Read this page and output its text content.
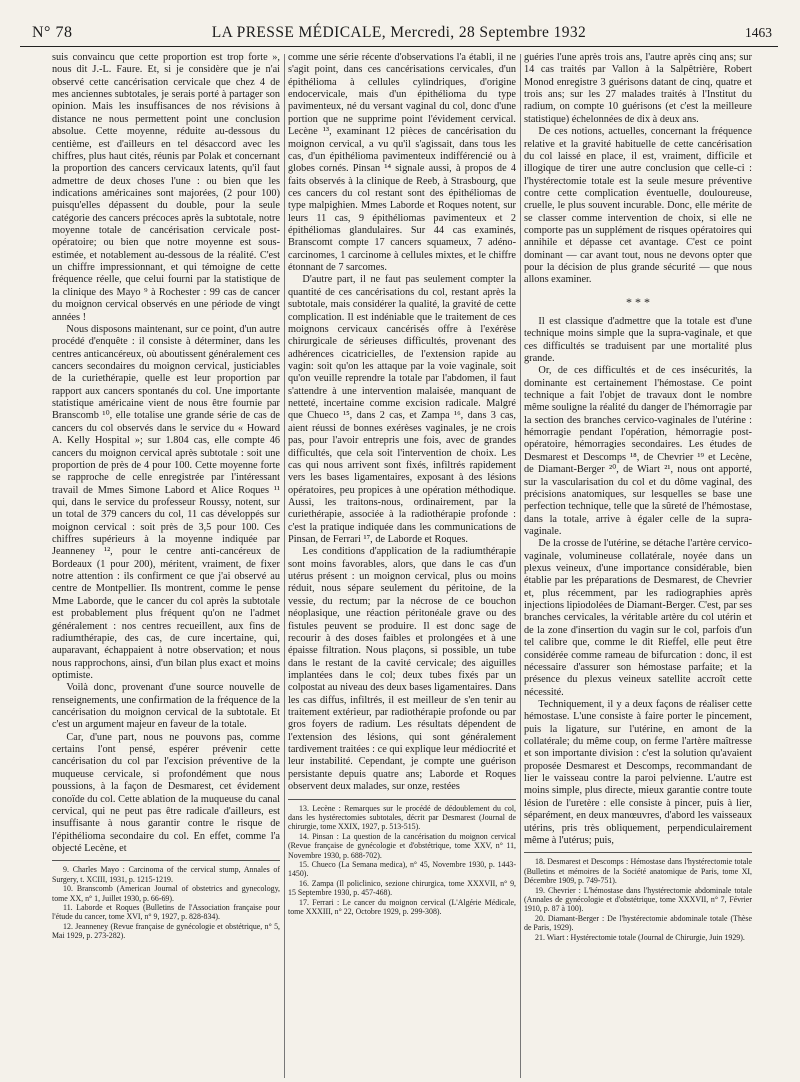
N° 78	LA PRESSE MÉDICALE, Mercredi, 28 Septembre 1932	1463

suis convaincu que cette proportion est trop forte », nous dit J.-L. Faure. Et, si je considère que je n'ai observé cette cancérisation cervicale que chez 4 de mes anciennes subtotales, je serais porté à partager son opinion. Mais les insuffisances de nos révisions à distance ne nous permettent point une conclusion absolue. Cette moyenne, réduite au-dessous du centième, est d'ailleurs en tel désaccord avec les chiffres, plus haut cités, réunis par Polak et concernant la proportion des cancers cervicaux latents, qu'il faut admettre de deux choses l'une : ou bien que les indications américaines sont majorées, (2 pour 100) puisqu'elles dépassent du double, pour la seule catégorie des cancers précoces après la subtotale, notre moyenne totale de cancérisation cervicale post-opératoire; ou bien que notre moyenne est sous-estimée, et notablement au-dessous de la réalité. C'est un chiffre impressionnant, et qui témoigne de cette fréquence réelle, que celui fourni par la statistique de la clinique des Mayo ⁹ à Rochester : 99 cas de cancer du moignon cervical observés en une période de vingt années !

Nous disposons maintenant, sur ce point, d'un autre procédé d'enquête : il consiste à déterminer, dans les centres anticancéreux, où aboutissent généralement ces cancers secondaires du moignon cervical, justiciables de la curiethérapie, quelle est leur proportion par rapport aux cancers spontanés du col. Une importante statistique américaine vient de nous être fournie par Branscomb ¹⁰, elle totalise une grande série de cas de cancers du col observés dans le service du « Howard A. Kelly Hospital »; sur 1.804 cas, elle compte 46 cancers du moignon cervical après subtotale : soit une proportion de près de 4 pour 100. Cette moyenne forte se rapproche de celle enregistrée par l'intéressant travail de Mmes Simone Labord et Alice Roques ¹¹ qui, dans le service du professeur Roussy, notent, sur un total de 379 cancers du col, 11 cas développés sur moignon cervical : soit près de 3,5 pour 100. Ces chiffres supérieurs à la moyenne indiquée par Jeanneney ¹², pour le centre anti-cancéreux de Bordeaux (1 pour 200), méritent, vraiment, de fixer notre attention : ils confirment ce que j'ai observé au centre de Montpellier. Ils montrent, comme le pense Mme Laborde, que le cancer du col après la subtotale est probablement plus fréquent qu'on ne l'admet généralement : nos centres recueillent, aux fins de radiumthérapie, des cas, de cure incertaine, qui, auparavant, échappaient à notre observation; et nous nous rapprochons, ainsi, d'un bilan plus exact et moins optimiste.

Voilà donc, provenant d'une source nouvelle de renseignements, une confirmation de la fréquence de la cancérisation du moignon cervical de la subtotale. Et c'est un argument majeur en faveur de la totale.

Car, d'une part, nous ne pouvons pas, comme certains l'ont pensé, espérer prévenir cette cancérisation du col par l'excision préventive de la muqueuse cervicale, si profondément que nous poussions, à la façon de Desmarest, cet évidement conoïde du col. Cette ablation de la muqueuse du canal cervical, qui ne peut pas être radicale d'ailleurs, est insuffisante à nous garantir contre le risque de l'épithélioma secondaire du col. En effet, comme l'a objecté Lecène, et

9. Charles Mayo : Carcinoma of the cervical stump, Annales of Surgery, t. XCIII, 1931, p. 1215-1219.

10. Branscomb (American Journal of obstetrics and gynecology, tome XX, n° 1, Juillet 1930, p. 66-69).

11. Laborde et Roques (Bulletins de l'Association française pour l'étude du cancer, tome XVI, n° 9, 1927, p. 828-834).

12. Jeanneney (Revue française de gynécologie et obstétrique, n° 5, Mai 1929, p. 273-282).

comme une série récente d'observations l'a établi, il ne s'agit point, dans ces cancérisations cervicales, d'un épithélioma à cellules cylindriques, d'origine endocervicale, mais d'un épithélioma du type pavimenteux, né du versant vaginal du col, donc d'une portion que ne supprime point l'évidement cervical. Lecène ¹³, examinant 12 pièces de cancérisation du moignon cervical, a vu qu'il s'agissait, dans tous les cas, d'un épithélioma pavimenteux indifférencié ou à globes cornés. Pinsan ¹⁴ signale aussi, à propos de 4 faits observés à la clinique de Reeb, à Strasbourg, que ces cancers du col restant sont des épithéliomas de type malpighien. Mmes Laborde et Roques notent, sur leurs 11 cas, 9 épithéliomas pavimenteux et 2 épithéliomas glandulaires. Sur 44 cas examinés, Branscomt compte 17 cancers squameux, 7 adéno-carcinomes, 1 carcinome à cellules mixtes, et le chiffre étonnant de 7 sarcomes.

D'autre part, il ne faut pas seulement compter la quantité de ces cancérisations du col, restant après la subtotale, mais considérer la qualité, la gravité de cette complication. Il est indéniable que le traitement de ces moignons cervicaux cancérisés offre à l'exérèse chirurgicale de sérieuses difficultés, provenant des adhérences cicatricielles, de l'extension rapide au vagin: soit qu'on les attaque par la voie vaginale, soit qu'on veuille reprendre la totale par l'abdomen, il faut s'attendre à une intervention malaisée, manquant de netteté, incertaine comme excision radicale. Malgré que Chueco ¹⁵, dans 2 cas, et Zampa ¹⁶, dans 3 cas, aient réussi de bonnes exérèses vaginales, je ne crois pas, pour l'avoir entrepris une fois, avec de grandes difficultés, que cela soit l'intervention de choix. Les cas qui nous arrivent sont fixés, infiltrés rapidement vers les bases ligamentaires, exposant à des lésions opératoires, peu propices à une opération méthodique. Aussi, les traitons-nous, ordinairement, par la curiethérapie, associée à la radiothérapie profonde : c'est la pratique indiquée dans les communications de Pinsan, de Ferrari ¹⁷, de Laborde et Roques.

Les conditions d'application de la radiumthérapie sont moins favorables, alors, que dans le cas d'un utérus présent : un moignon cervical, plus ou moins réduit, nous sépare seulement du péritoine, de la vessie, du rectum; par la nécrose de ce bouchon néoplasique, une réaction péritonéale grave ou des fistules peuvent se produire. Il est donc sage de recourir à des doses faibles et prolongées et à une épaisse filtration. Nous plaçons, si possible, un tube dans le restant de la cavité cervicale; des aiguilles implantées dans le col; deux tubes fixés par un colpostat au niveau des deux bases ligamentaires. Dans les cas diffus, infiltrés, il est meilleur de s'en tenir au traitement extérieur, par radiothérapie profonde ou par gros foyers de radium. Les résultats dépendent de l'extension des lésions, qui sont généralement tardivement traitées : ce qui explique leur médiocrité et leur instabilité. Cependant, je compte une guérison persistante depuis quatre ans; Laborde et Roques observent deux malades, sur onze, restées

13. Lecène : Remarques sur le procédé de dédoublement du col, dans les hystérectomies subtotales, décrit par Desmarest (Journal de chirurgie, tome XXIX, 1927, p. 513-515).

14. Pinsan : La question de la cancérisation du moignon cervical (Revue française de gynécologie et d'obstétrique, tome XXV, n° 11, Novembre 1930, p. 688-702).

15. Chueco (La Semana medica), n° 45, Novembre 1930, p. 1443-1450).

16. Zampa (Il policlinico, sezione chirurgica, tome XXXVII, n° 9, 15 Septembre 1930, p. 457-468).

17. Ferrari : Le cancer du moignon cervical (L'Algérie Médicale, tome XXXIII, n° 22, Octobre 1929, p. 299-308).

guéries l'une après trois ans, l'autre après cinq ans; sur 14 cas traités par Vallon à la Salpêtrière, Robert Monod enregistre 3 guérisons datant de cinq, quatre et trois ans; sur les 27 malades traités à l'Institut du radium, on compte 10 guérisons (et c'est la meilleure statistique) échelonnées de dix à deux ans.

De ces notions, actuelles, concernant la fréquence relative et la gravité habituelle de cette cancérisation du col laissé en place, il est, vraiment, difficile et illogique de tirer une autre conclusion que celle-ci : l'hystérectomie totale est la seule mesure préventive contre cette complication éventuelle, douloureuse, cruelle, le plus souvent incurable. Donc, elle mérite de se classer comme intervention de choix, si elle ne comporte pas un supplément de risques opératoires qui annihile et dépasse cet avantage. C'est ce point dominant — car avant tout, nous ne devons opter que pour la décision de plus grande sécurité — que nous allons examiner.

* * *

Il est classique d'admettre que la totale est d'une technique moins simple que la supra-vaginale, et que ces difficultés se traduisent par une mortalité plus grande.

Or, de ces difficultés et de ces insécurités, la dominante est certainement l'hémostase. Ce point technique a fait l'objet de travaux dont le nombre même souligne la réalité du danger de l'hémorragie par la section des branches cervico-vaginales de l'utérine : hémorragie pendant l'opération, hémorragie post-opératoire, hémorragies secondaires. Les études de Desmarest et Descomps ¹⁸, de Chevrier ¹⁹ et Lecène, de Diamant-Berger ²⁰, de Wiart ²¹, nous ont apporté, sur la vascularisation du col et du dôme vaginal, des précisions anatomiques, sur lesquelles se base une perfection technique, telle que la sûreté de l'hémostase, dans la totale, arrive à égaler celle de la supra-vaginale.

De la crosse de l'utérine, se détache l'artère cervico-vaginale, volumineuse collatérale, noyée dans un plexus veineux, d'une importance considérable, bien établie par les préparations de Desmarest, de Chevrier et, plus récemment, par les radiographies après injections lipiodolées de Diamant-Berger. C'est, par ses branches cervicales, la véritable artère du col utérin et de la zone d'insertion du vagin sur le col, parfois d'un tel calibre que, comme le dit Rieffel, elle peut être considérée comme rameau de bifurcation : donc, il est nécessaire d'assurer son hémostase parfaite; et la présence du plexus veineux satellite accroît cette nécessité.

Techniquement, il y a deux façons de réaliser cette hémostase. L'une consiste à faire porter le pincement, puis la ligature, sur l'utérine, en amont de la collatérale; du même coup, on ferme l'artère maîtresse et son importante division : c'est la solution qu'avaient proposée Desmarest et Descomps, recommandant de lier le vaisseau contre la paroi pelvienne. L'autre est moins simple, plus directe, mieux garantie contre toute lésion de l'uretère : elle consiste à pincer, puis à lier, séparément, en deux manœuvres, d'abord les vaisseaux utérins, pris très obliquement, perpendiculairement même à l'utérus; puis,

18. Desmarest et Descomps : Hémostase dans l'hystérectomie totale (Bulletins et mémoires de la Société anatomique de Paris, tome XI, Décembre 1909, p. 749-751).

19. Chevrier : L'hémostase dans l'hystérectomie abdominale totale (Annales de gynécologie et d'obstétrique, tome XXXVII, n° 7, Février 1910, p. 87 à 100).

20. Diamant-Berger : De l'hystérectomie abdominale totale (Thèse de Paris, 1929).

21. Wiart : Hystérectomie totale (Journal de Chirurgie, Juin 1929).
